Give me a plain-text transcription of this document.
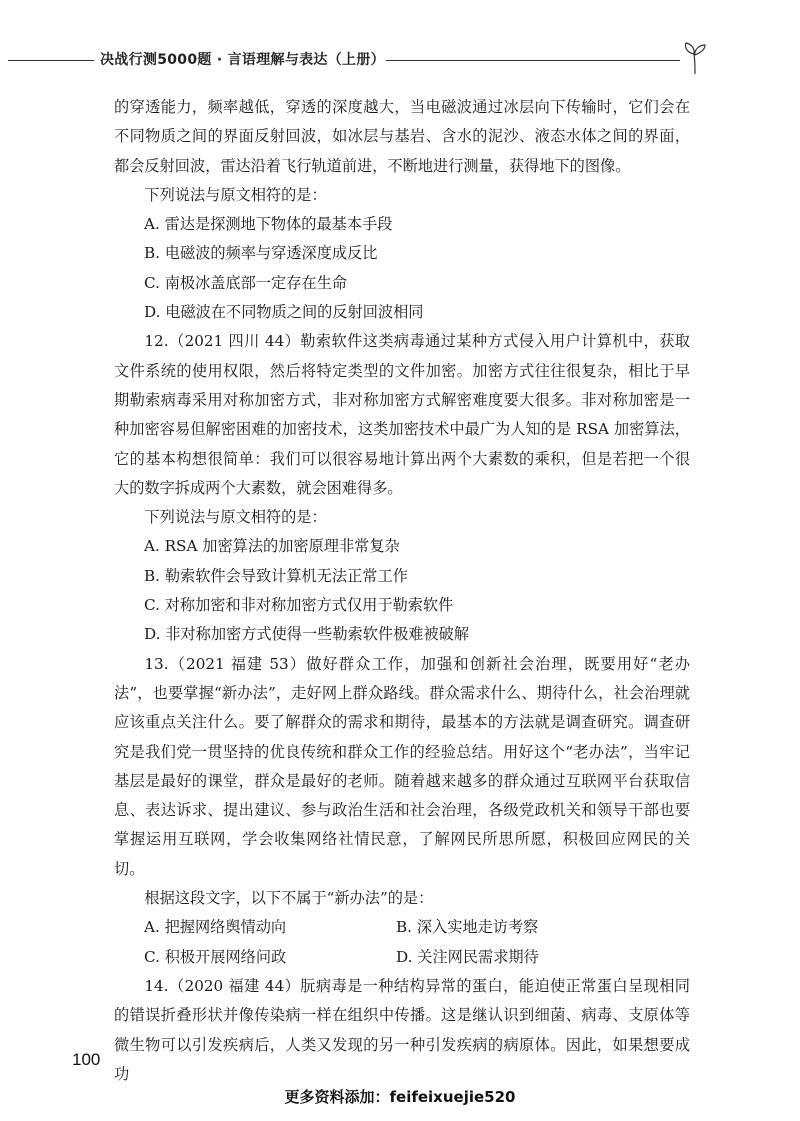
决战行测5000题 · 言语理解与表达（上册）

的穿透能力，频率越低，穿透的深度越大，当电磁波通过冰层向下传输时，它们会在不同物质之间的界面反射回波，如冰层与基岩、含水的泥沙、液态水体之间的界面，都会反射回波，雷达沿着飞行轨道前进，不断地进行测量，获得地下的图像。

下列说法与原文相符的是：

A. 雷达是探测地下物体的最基本手段

B. 电磁波的频率与穿透深度成反比

C. 南极冰盖底部一定存在生命

D. 电磁波在不同物质之间的反射回波相同

12.（2021 四川 44）勒索软件这类病毒通过某种方式侵入用户计算机中，获取文件系统的使用权限，然后将特定类型的文件加密。加密方式往往很复杂，相比于早期勒索病毒采用对称加密方式，非对称加密方式解密难度要大很多。非对称加密是一种加密容易但解密困难的加密技术，这类加密技术中最广为人知的是 RSA 加密算法，它的基本构想很简单：我们可以很容易地计算出两个大素数的乘积，但是若把一个很大的数字拆成两个大素数，就会困难得多。

下列说法与原文相符的是：

A. RSA 加密算法的加密原理非常复杂

B. 勒索软件会导致计算机无法正常工作

C. 对称加密和非对称加密方式仅用于勒索软件

D. 非对称加密方式使得一些勒索软件极难被破解

13.（2021 福建 53）做好群众工作，加强和创新社会治理，既要用好“老办法”，也要掌握“新办法”，走好网上群众路线。群众需求什么、期待什么，社会治理就应该重点关注什么。要了解群众的需求和期待，最基本的方法就是调查研究。调查研究是我们党一贯坚持的优良传统和群众工作的经验总结。用好这个“老办法”，当牢记基层是最好的课堂，群众是最好的老师。随着越来越多的群众通过互联网平台获取信息、表达诉求、提出建议、参与政治生活和社会治理，各级党政机关和领导干部也要掌握运用互联网，学会收集网络社情民意，了解网民所思所愿，积极回应网民的关切。

根据这段文字，以下不属于“新办法”的是：

A. 把握网络舆情动向	B. 深入实地走访考察
C. 积极开展网络问政	D. 关注网民需求期待

14.（2020 福建 44）朊病毒是一种结构异常的蛋白，能迫使正常蛋白呈现相同的错误折叠形状并像传染病一样在组织中传播。这是继认识到细菌、病毒、支原体等微生物可以引发疾病后，人类又发现的另一种引发疾病的病原体。因此，如果想要成功

100
更多资料添加：feifeixuejie520
